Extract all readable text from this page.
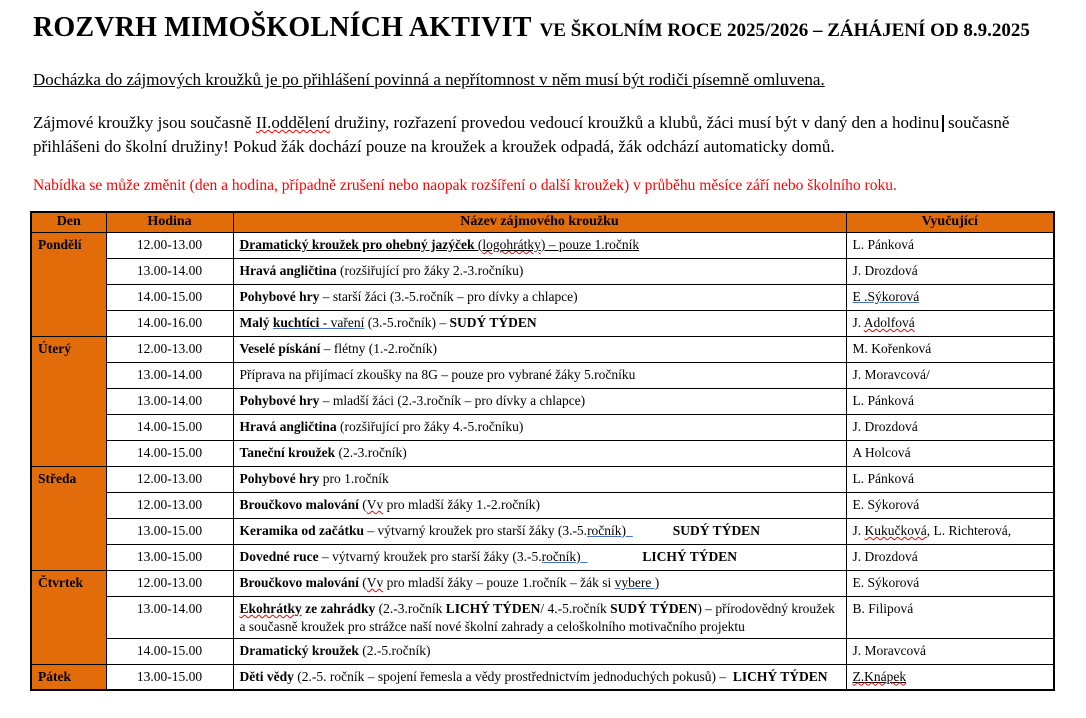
ROZVRH MIMOŠKOLNÍCH AKTIVIT VE ŠKOLNÍM ROCE 2025/2026 – ZÁHÁJENÍ OD 8.9.2025

Docházka do zájmových kroužků je po přihlášení povinná a nepřítomnost v něm musí být rodiči písemně omluvena.

Zájmové kroužky jsou současně II.oddělení družiny, rozřazení provedou vedoucí kroužků a klubů, žáci musí být v daný den a hodinu současně přihlášeni do školní družiny! Pokud žák dochází pouze na kroužek a kroužek odpadá, žák odchází automaticky domů.

Nabídka se může změnit (den a hodina, případně zrušení nebo naopak rozšíření o další kroužek) v průběhu měsíce září nebo školního roku.

Den	Hodina	Název zájmového kroužku	Vyučující
Pondělí	12.00-13.00	Dramatický kroužek pro ohebný jazýček (logohrátky) – pouze 1.ročník	L. Pánková
	13.00-14.00	Hravá angličtina (rozšiřující pro žáky 2.-3.ročníku)	J. Drozdová
	14.00-15.00	Pohybové hry – starší žáci (3.-5.ročník – pro dívky a chlapce)	E .Sýkorová
	14.00-16.00	Malý kuchtíci - vaření (3.-5.ročník) – SUDÝ TÝDEN	J. Adolfová
Úterý	12.00-13.00	Veselé pískání – flétny (1.-2.ročník)	M. Kořenková
	13.00-14.00	Příprava na přijímací zkoušky na 8G – pouze pro vybrané žáky 5.ročníku	J. Moravcová/
	13.00-14.00	Pohybové hry – mladší žáci (2.-3.ročník – pro dívky a chlapce)	L. Pánková
	14.00-15.00	Hravá angličtina (rozšiřující pro žáky 4.-5.ročníku)	J. Drozdová
	14.00-15.00	Taneční kroužek (2.-3.ročník)	A Holcová
Středa	12.00-13.00	Pohybové hry pro 1.ročník	L. Pánková
	12.00-13.00	Broučkovo malování (Vv pro mladší žáky 1.-2.ročník)	E. Sýkorová
	13.00-15.00	Keramika od začátku – výtvarný kroužek pro starší žáky (3.-5.ročník) SUDÝ TÝDEN	J. Kukučková, L. Richterová,
	13.00-15.00	Dovedné ruce – výtvarný kroužek pro starší žáky (3.-5.ročník) LICHÝ TÝDEN	J. Drozdová
Čtvrtek	12.00-13.00	Broučkovo malování (Vv pro mladší žáky – pouze 1.ročník – žák si vybere )	E. Sýkorová
	13.00-14.00	Ekohrátky ze zahrádky (2.-3.ročník LICHÝ TÝDEN/ 4.-5.ročník SUDÝ TÝDEN) – přírodovědný kroužek a současně kroužek pro strážce naší nové školní zahrady a celoškolního motivačního projektu	B. Filipová
	14.00-15.00	Dramatický kroužek (2.-5.ročník)	J. Moravcová
Pátek	13.00-15.00	Děti vědy (2.-5. ročník – spojení řemesla a vědy prostřednictvím jednoduchých pokusů) –  LICHÝ TÝDEN	Z.Knápek
